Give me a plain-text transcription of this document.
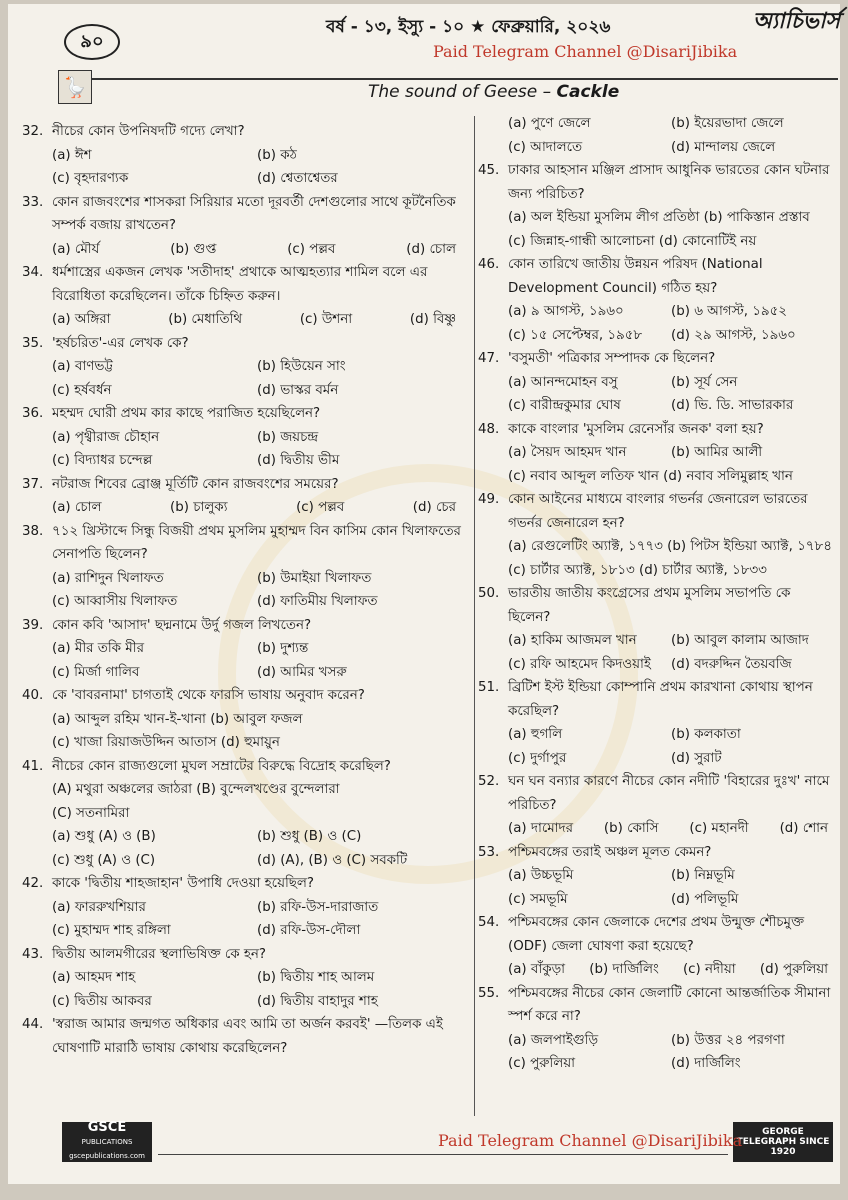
৯০
বর্ষ - ১৩, ইস্যু - ১০ ★ ফেব্রুয়ারি, ২০২৬	অ্যাচিভার্স
Paid Telegram Channel @DisariJibika
🪿	The sound of Geese – Cackle
32. নীচের কোন উপনিষদটি গদ্যে লেখা?
(a) ঈশ	(b) কঠ
(c) বৃহদারণ্যক	(d) শ্বেতাশ্বেতর
33. কোন রাজবংশের শাসকরা সিরিয়ার মতো দূরবর্তী দেশগুলোর সাথে কূটনৈতিক সম্পর্ক বজায় রাখতেন?
(a) মৌর্য	(b) গুপ্ত	(c) পল্লব	(d) চোল
34. ধর্মশাস্ত্রের একজন লেখক 'সতীদাহ' প্রথাকে আত্মহত্যার শামিল বলে এর বিরোধিতা করেছিলেন। তাঁকে চিহ্নিত করুন।
(a) অঙ্গিরা	(b) মেধাতিথি	(c) উশনা	(d) বিষ্ণু
35. 'হর্ষচরিত'-এর লেখক কে?
(a) বাণভট্ট	(b) হিউয়েন সাং
(c) হর্ষবর্ধন	(d) ভাস্কর বর্মন
36. মহম্মদ ঘোরী প্রথম কার কাছে পরাজিত হয়েছিলেন?
(a) পৃথ্বীরাজ চৌহান	(b) জয়চন্দ্র
(c) বিদ্যাধর চন্দেল্ল	(d) দ্বিতীয় ভীম
37. নটরাজ শিবের ব্রোঞ্জ মূর্তিটি কোন রাজবংশের সময়ের?
(a) চোল	(b) চালুক্য	(c) পল্লব	(d) চের
38. ৭১২ খ্রিস্টাব্দে সিন্ধু বিজয়ী প্রথম মুসলিম মুহাম্মদ বিন কাসিম কোন খিলাফতের সেনাপতি ছিলেন?
(a) রাশিদুন খিলাফত	(b) উমাইয়া খিলাফত
(c) আব্বাসীয় খিলাফত	(d) ফাতিমীয় খিলাফত
39. কোন কবি 'আসাদ' ছদ্মনামে উর্দু গজল লিখতেন?
(a) মীর তকি মীর	(b) দুশ্যন্ত
(c) মির্জা গালিব	(d) আমির খসরু
40. কে 'বাবরনামা' চাগতাই থেকে ফারসি ভাষায় অনুবাদ করেন?
(a) আব্দুল রহিম খান-ই-খানা (b) আবুল ফজল
(c) খাজা রিয়াজউদ্দিন আতাস (d) হুমায়ুন
41. নীচের কোন রাজ্যগুলো মুঘল সম্রাটের বিরুদ্ধে বিদ্রোহ করেছিল?
(A) মথুরা অঞ্চলের জাঠরা (B) বুন্দেলখণ্ডের বুন্দেলারা
(C) সতনামিরা
(a) শুধু (A) ও (B)	(b) শুধু (B) ও (C)
(c) শুধু (A) ও (C)	(d) (A), (B) ও (C) সবকটি
42. কাকে 'দ্বিতীয় শাহজাহান' উপাধি দেওয়া হয়েছিল?
(a) ফাররুখশিয়ার	(b) রফি-উস-দারাজাত
(c) মুহাম্মদ শাহ রঙ্গিলা	(d) রফি-উস-দৌলা
43. দ্বিতীয় আলমগীরের স্থলাভিষিক্ত কে হন?
(a) আহমদ শাহ	(b) দ্বিতীয় শাহ আলম
(c) দ্বিতীয় আকবর	(d) দ্বিতীয় বাহাদুর শাহ
44. 'স্বরাজ আমার জন্মগত অধিকার এবং আমি তা অর্জন করবই' —তিলক এই ঘোষণাটি মারাঠি ভাষায় কোথায় করেছিলেন?
(a) পুণে জেলে	(b) ইয়েরভাদা জেলে
(c) আদালতে	(d) মান্দালয় জেলে
45. ঢাকার আহসান মঞ্জিল প্রাসাদ আধুনিক ভারতের কোন ঘটনার জন্য পরিচিত?
(a) অল ইন্ডিয়া মুসলিম লীগ প্রতিষ্ঠা (b) পাকিস্তান প্রস্তাব
(c) জিন্নাহ-গান্ধী আলোচনা (d) কোনোটিই নয়
46. কোন তারিখে জাতীয় উন্নয়ন পরিষদ (National Development Council) গঠিত হয়?
(a) ৯ আগস্ট, ১৯৬০	(b) ৬ আগস্ট, ১৯৫২
(c) ১৫ সেপ্টেম্বর, ১৯৫৮	(d) ২৯ আগস্ট, ১৯৬০
47. 'বসুমতী' পত্রিকার সম্পাদক কে ছিলেন?
(a) আনন্দমোহন বসু	(b) সূর্য সেন
(c) বারীন্দ্রকুমার ঘোষ	(d) ভি. ডি. সাভারকার
48. কাকে বাংলার 'মুসলিম রেনেসাঁর জনক' বলা হয়?
(a) সৈয়দ আহমদ খান	(b) আমির আলী
(c) নবাব আব্দুল লতিফ খান (d) নবাব সলিমুল্লাহ খান
49. কোন আইনের মাধ্যমে বাংলার গভর্নর জেনারেল ভারতের গভর্নর জেনারেল হন?
(a) রেগুলেটিং অ্যাক্ট, ১৭৭৩ (b) পিটস ইন্ডিয়া অ্যাক্ট, ১৭৮৪
(c) চার্টার অ্যাক্ট, ১৮১৩ (d) চার্টার অ্যাক্ট, ১৮৩৩
50. ভারতীয় জাতীয় কংগ্রেসের প্রথম মুসলিম সভাপতি কে ছিলেন?
(a) হাকিম আজমল খান	(b) আবুল কালাম আজাদ
(c) রফি আহমেদ কিদওয়াই	(d) বদরুদ্দিন তৈয়বজি
51. ব্রিটিশ ইস্ট ইন্ডিয়া কোম্পানি প্রথম কারখানা কোথায় স্থাপন করেছিল?
(a) হুগলি	(b) কলকাতা
(c) দুর্গাপুর	(d) সুরাট
52. ঘন ঘন বন্যার কারণে নীচের কোন নদীটি 'বিহারের দুঃখ' নামে পরিচিত?
(a) দামোদর (b) কোসি (c) মহানদী (d) শোন
53. পশ্চিমবঙ্গের তরাই অঞ্চল মূলত কেমন?
(a) উচ্চভূমি	(b) নিম্নভূমি
(c) সমভূমি	(d) পলিভূমি
54. পশ্চিমবঙ্গের কোন জেলাকে দেশের প্রথম উন্মুক্ত শৌচমুক্ত (ODF) জেলা ঘোষণা করা হয়েছে?
(a) বাঁকুড়া (b) দার্জিলিং (c) নদীয়া (d) পুরুলিয়া
55. পশ্চিমবঙ্গের নীচের কোন জেলাটি কোনো আন্তর্জাতিক সীমানা স্পর্শ করে না?
(a) জলপাইগুড়ি	(b) উত্তর ২৪ পরগণা
(c) পুরুলিয়া	(d) দার্জিলিং
GSCE
PUBLICATIONS
gscepublications.com
GEORGE TELEGRAPH SINCE 1920
Paid Telegram Channel @DisariJibika
